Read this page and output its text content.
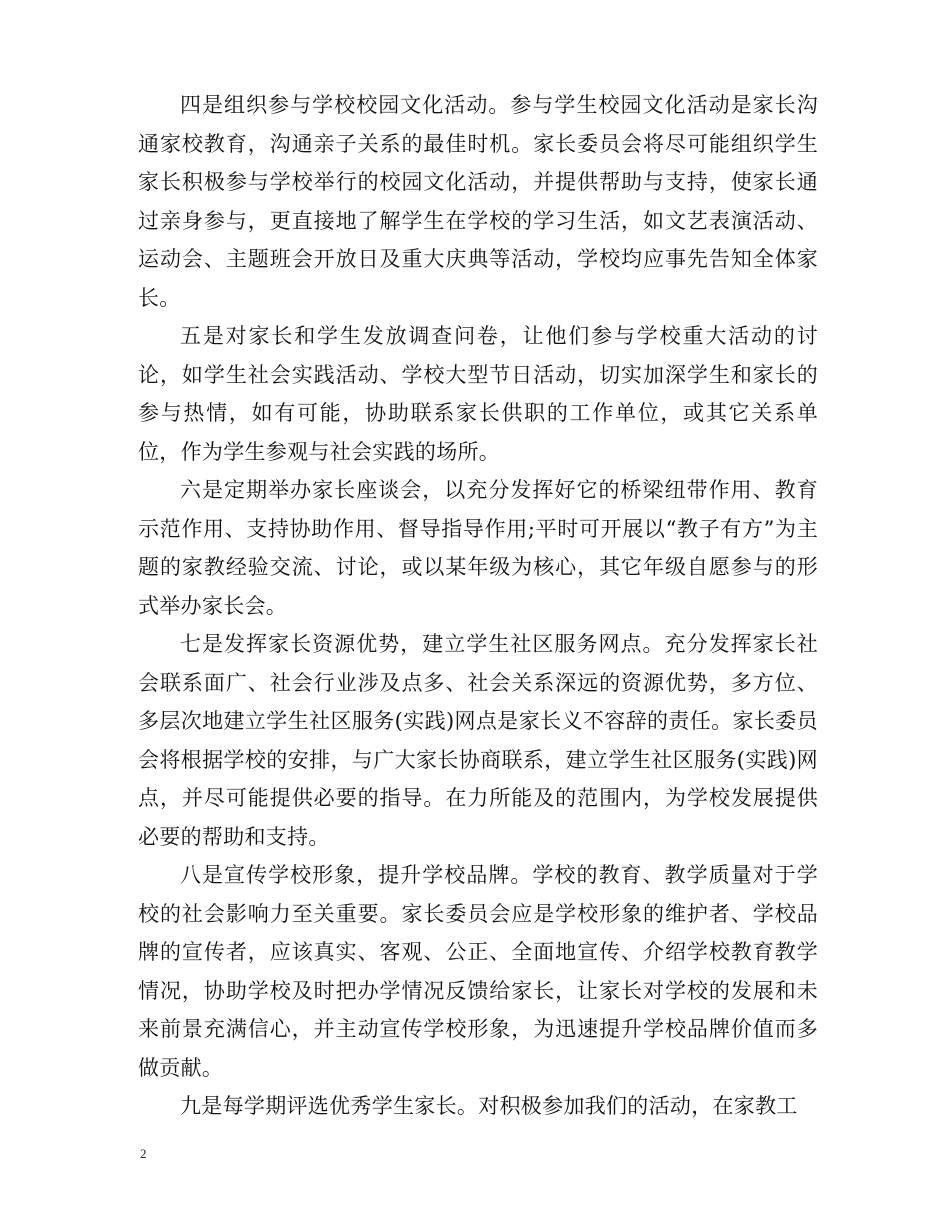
四是组织参与学校校园文化活动。参与学生校园文化活动是家长沟通家校教育，沟通亲子关系的最佳时机。家长委员会将尽可能组织学生家长积极参与学校举行的校园文化活动，并提供帮助与支持，使家长通过亲身参与，更直接地了解学生在学校的学习生活，如文艺表演活动、运动会、主题班会开放日及重大庆典等活动，学校均应事先告知全体家长。

五是对家长和学生发放调查问卷，让他们参与学校重大活动的讨论，如学生社会实践活动、学校大型节日活动，切实加深学生和家长的参与热情，如有可能，协助联系家长供职的工作单位，或其它关系单位，作为学生参观与社会实践的场所。

六是定期举办家长座谈会，以充分发挥好它的桥梁纽带作用、教育示范作用、支持协助作用、督导指导作用;平时可开展以“教子有方”为主题的家教经验交流、讨论，或以某年级为核心，其它年级自愿参与的形式举办家长会。

七是发挥家长资源优势，建立学生社区服务网点。充分发挥家长社会联系面广、社会行业涉及点多、社会关系深远的资源优势，多方位、多层次地建立学生社区服务(实践)网点是家长义不容辞的责任。家长委员会将根据学校的安排，与广大家长协商联系，建立学生社区服务(实践)网点，并尽可能提供必要的指导。在力所能及的范围内，为学校发展提供必要的帮助和支持。

八是宣传学校形象，提升学校品牌。学校的教育、教学质量对于学校的社会影响力至关重要。家长委员会应是学校形象的维护者、学校品牌的宣传者，应该真实、客观、公正、全面地宣传、介绍学校教育教学情况，协助学校及时把办学情况反馈给家长，让家长对学校的发展和未来前景充满信心，并主动宣传学校形象，为迅速提升学校品牌价值而多做贡献。

九是每学期评选优秀学生家长。对积极参加我们的活动，在家教工

2
